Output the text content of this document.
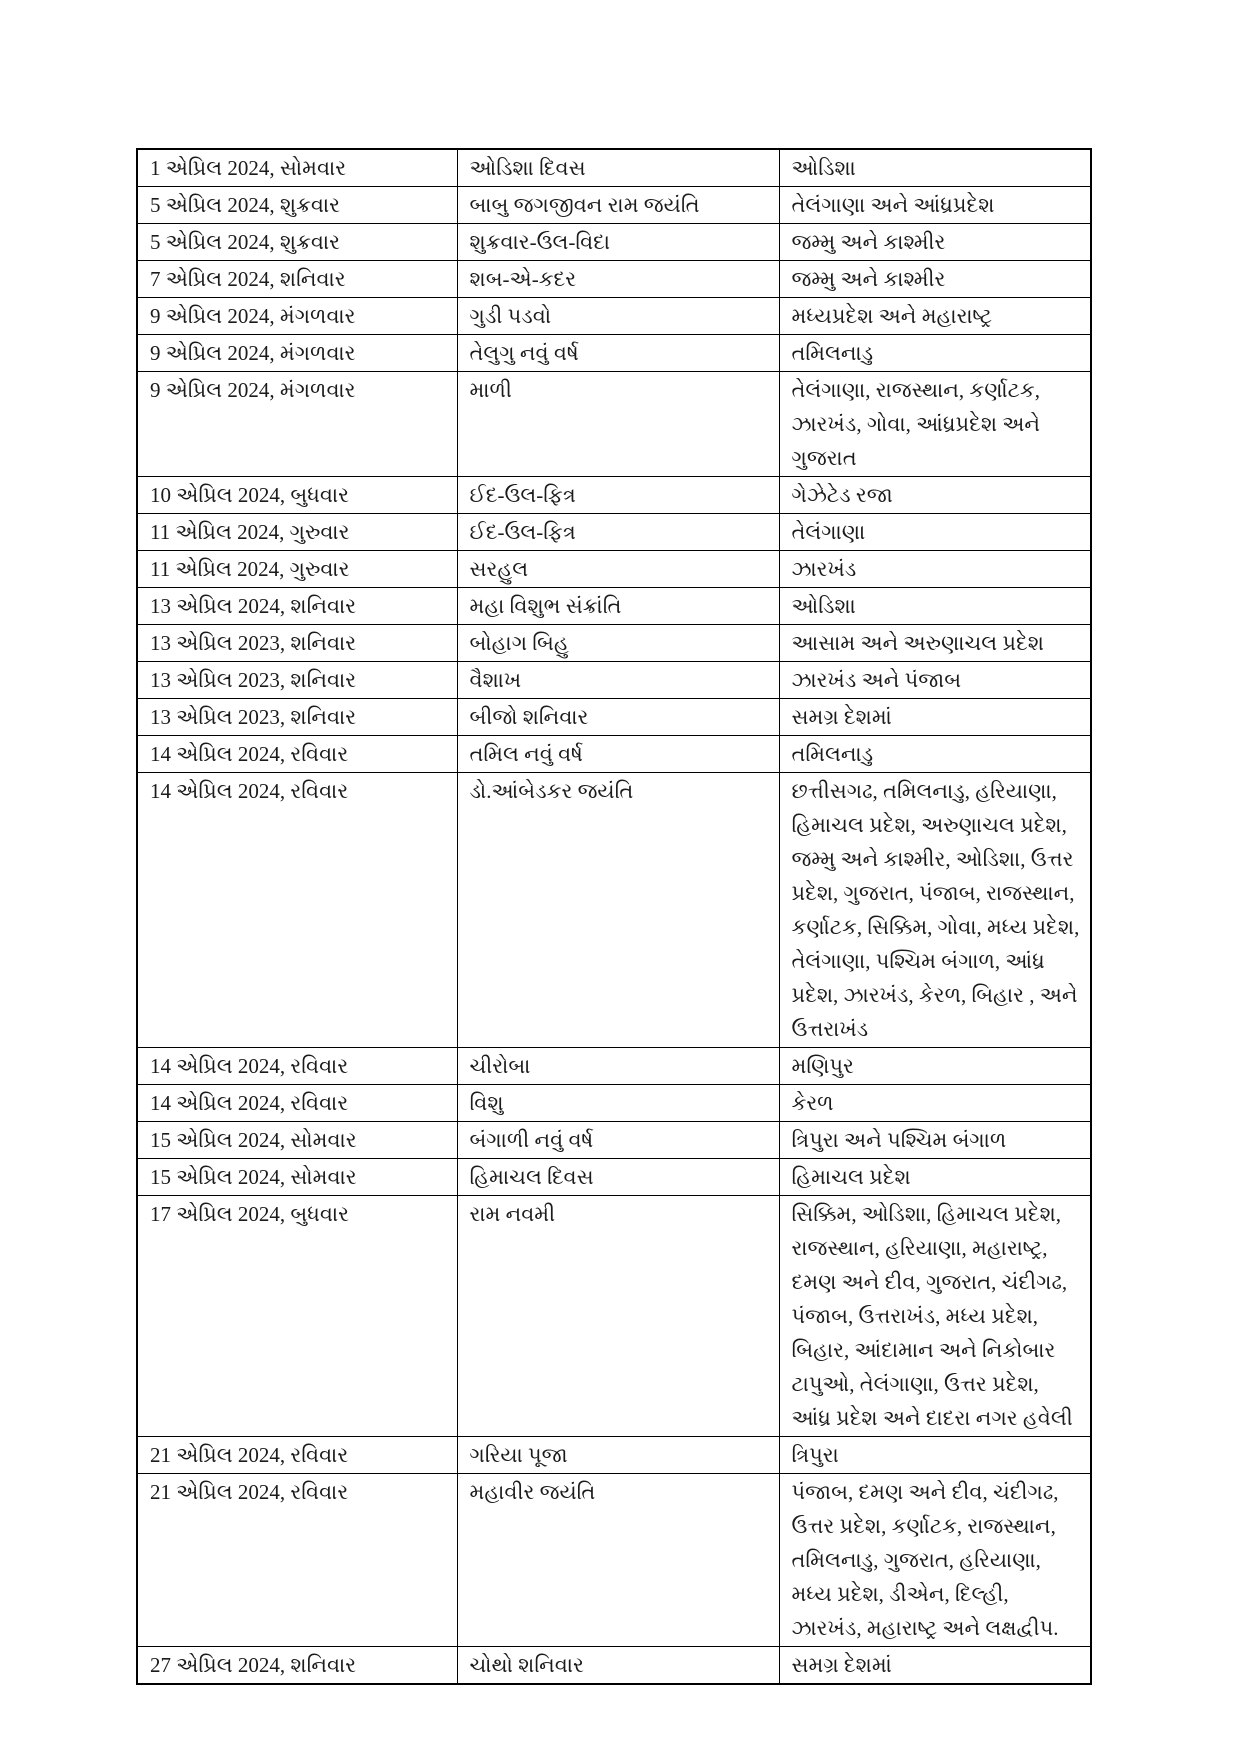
1 એપ્રિલ 2024, સોમવાર	ઓડિશા દિવસ	ઓડિશા
5 એપ્રિલ 2024, શુક્રવાર	બાબુ જગજીવન રામ જયંતિ	તેલંગાણા અને આંધ્રપ્રદેશ
5 એપ્રિલ 2024, શુક્રવાર	શુક્રવાર-ઉલ-વિદા	જમ્મુ અને કાશ્મીર
7 એપ્રિલ 2024, શનિવાર	શબ-એ-કદર	જમ્મુ અને કાશ્મીર
9 એપ્રિલ 2024, મંગળવાર	ગુડી પડવો	મધ્યપ્રદેશ અને મહારાષ્ટ્ર
9 એપ્રિલ 2024, મંગળવાર	તેલુગુ નવું વર્ષ	તમિલનાડુ
9 એપ્રિલ 2024, મંગળવાર	માળી	તેલંગાણા, રાજસ્થાન, કર્ણાટક, ઝારખંડ, ગોવા, આંધ્રપ્રદેશ અને ગુજરાત
10 એપ્રિલ 2024, બુધવાર	ઈદ-ઉલ-ફિત્ર	ગેઝેટેડ રજા
11 એપ્રિલ 2024, ગુરુવાર	ઈદ-ઉલ-ફિત્ર	તેલંગાણા
11 એપ્રિલ 2024, ગુરુવાર	સરહુલ	ઝારખંડ
13 એપ્રિલ 2024, શનિવાર	મહા વિશુભ સંક્રાંતિ	ઓડિશા
13 એપ્રિલ 2023, શનિવાર	બોહાગ બિહુ	આસામ અને અરુણાચલ પ્રદેશ
13 એપ્રિલ 2023, શનિવાર	વૈશાખ	ઝારખંડ અને પંજાબ
13 એપ્રિલ 2023, શનિવાર	બીજો શનિવાર	સમગ્ર દેશમાં
14 એપ્રિલ 2024, રવિવાર	તમિલ નવું વર્ષ	તમિલનાડુ
14 એપ્રિલ 2024, રવિવાર	ડો.આંબેડકર જયંતિ	છત્તીસગઢ, તમિલનાડુ, હરિયાણા, હિમાચલ પ્રદેશ, અરુણાચલ પ્રદેશ, જમ્મુ અને કાશ્મીર, ઓડિશા, ઉત્તર પ્રદેશ, ગુજરાત, પંજાબ, રાજસ્થાન, કર્ણાટક, સિક્કિમ, ગોવા, મધ્ય પ્રદેશ, તેલંગાણા, પશ્ચિમ બંગાળ, આંધ્ર પ્રદેશ, ઝારખંડ, કેરળ, બિહાર , અને ઉત્તરાખંડ
14 એપ્રિલ 2024, રવિવાર	ચીરોબા	મણિપુર
14 એપ્રિલ 2024, રવિવાર	વિશુ	કેરળ
15 એપ્રિલ 2024, સોમવાર	બંગાળી નવું વર્ષ	ત્રિપુરા અને પશ્ચિમ બંગાળ
15 એપ્રિલ 2024, સોમવાર	હિમાચલ દિવસ	હિમાચલ પ્રદેશ
17 એપ્રિલ 2024, બુધવાર	રામ નવમી	સિક્કિમ, ઓડિશા, હિમાચલ પ્રદેશ, રાજસ્થાન, હરિયાણા, મહારાષ્ટ્ર, દમણ અને દીવ, ગુજરાત, ચંદીગઢ, પંજાબ, ઉત્તરાખંડ, મધ્ય પ્રદેશ, બિહાર, આંદામાન અને નિકોબાર ટાપુઓ, તેલંગાણા, ઉત્તર પ્રદેશ, આંધ્ર પ્રદેશ અને દાદરા નગર હવેલી
21 એપ્રિલ 2024, રવિવાર	ગરિયા પૂજા	ત્રિપુરા
21 એપ્રિલ 2024, રવિવાર	મહાવીર જયંતિ	પંજાબ, દમણ અને દીવ, ચંદીગઢ, ઉત્તર પ્રદેશ, કર્ણાટક, રાજસ્થાન, તમિલનાડુ, ગુજરાત, હરિયાણા, મધ્ય પ્રદેશ, ડીએન, દિલ્હી, ઝારખંડ, મહારાષ્ટ્ર અને લક્ષદ્વીપ.
27 એપ્રિલ 2024, શનિવાર	ચોથો શનિવાર	સમગ્ર દેશમાં
